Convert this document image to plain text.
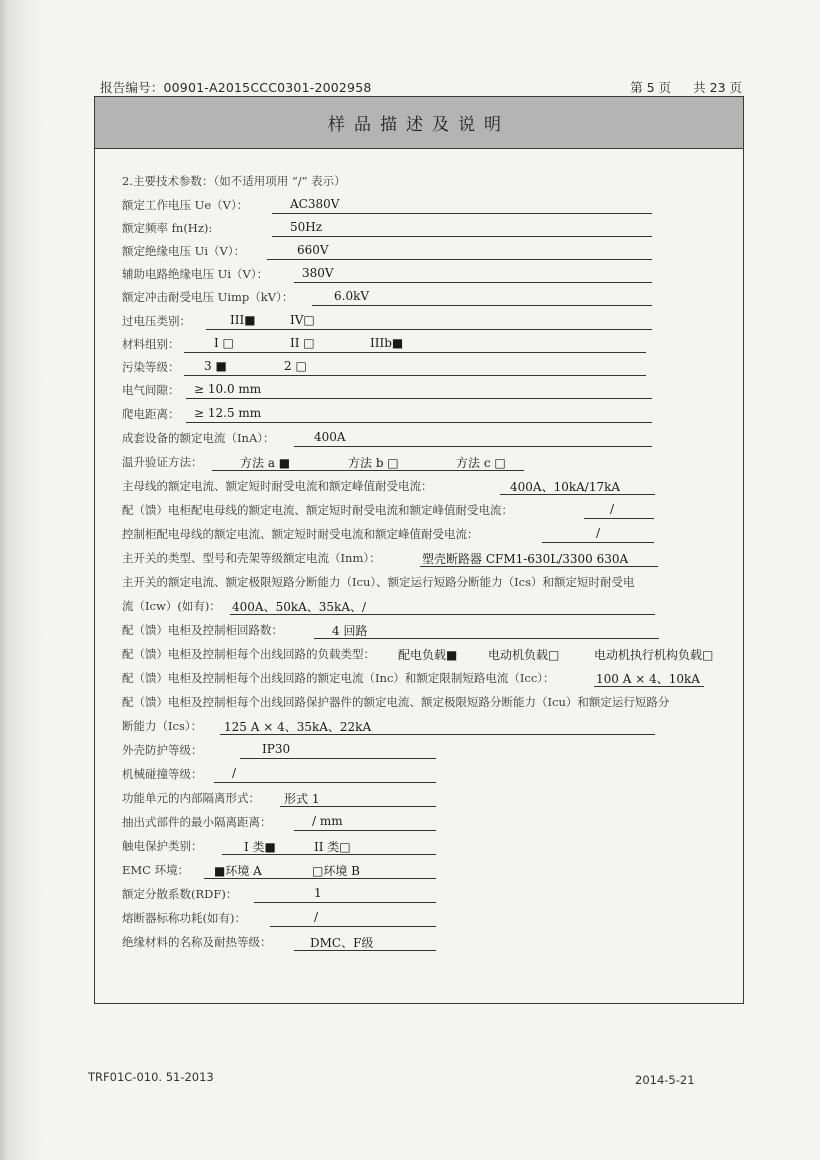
报告编号：00901-A2015CCC0301-2002958	第 5 页 共 23 页
样品描述及说明
2.主要技术参数：（如不适用项用 “/” 表示）
额定工作电压 Ue（V）：	AC380V
额定频率 fn(Hz):	50Hz
额定绝缘电压 Ui（V）：	660V
辅助电路绝缘电压 Ui（V）：	380V
额定冲击耐受电压 Uimp（kV）：	6.0kV
过电压类别：	III■	IV□
材料组别：	I □	II □	IIIb■
污染等级： 3 ■	2 □
电气间隙： ≥ 10.0 mm
爬电距离： ≥ 12.5 mm
成套设备的额定电流（InA）：	400A
温升验证方法：	方法 a ■	方法 b □	方法 c □
主母线的额定电流、额定短时耐受电流和额定峰值耐受电流：	400A、10kA/17kA
配（馈）电柜配电母线的额定电流、额定短时耐受电流和额定峰值耐受电流：	/
控制柜配电母线的额定电流、额定短时耐受电流和额定峰值耐受电流：	/
主开关的类型、型号和壳架等级额定电流（Inm）：	塑壳断路器 CFM1-630L/3300 630A
主开关的额定电流、额定极限短路分断能力（Icu）、额定运行短路分断能力（Ics）和额定短时耐受电
流（Icw）(如有)： 400A、50kA、35kA、/
配（馈）电柜及控制柜回路数：	4 回路
配（馈）电柜及控制柜每个出线回路的负载类型： 配电负载■	电动机负载□	电动机执行机构负载□
配（馈）电柜及控制柜每个出线回路的额定电流（Inc）和额定限制短路电流（Icc）：	100 A × 4、10kA
配（馈）电柜及控制柜每个出线回路保护器件的额定电流、额定极限短路分断能力（Icu）和额定运行短路分
断能力（Ics）： 125 A × 4、35kA、22kA
外壳防护等级：	IP30
机械碰撞等级： /
功能单元的内部隔离形式： 形式 1
抽出式部件的最小隔离距离：	/ mm
触电保护类别：	I 类■	II 类□
EMC 环境： ■环境 A	□环境 B
额定分散系数(RDF)：	1
熔断器标称功耗(如有)：	/
绝缘材料的名称及耐热等级：	DMC、F级
TRF01C-010. 51-2013	2014-5-21
